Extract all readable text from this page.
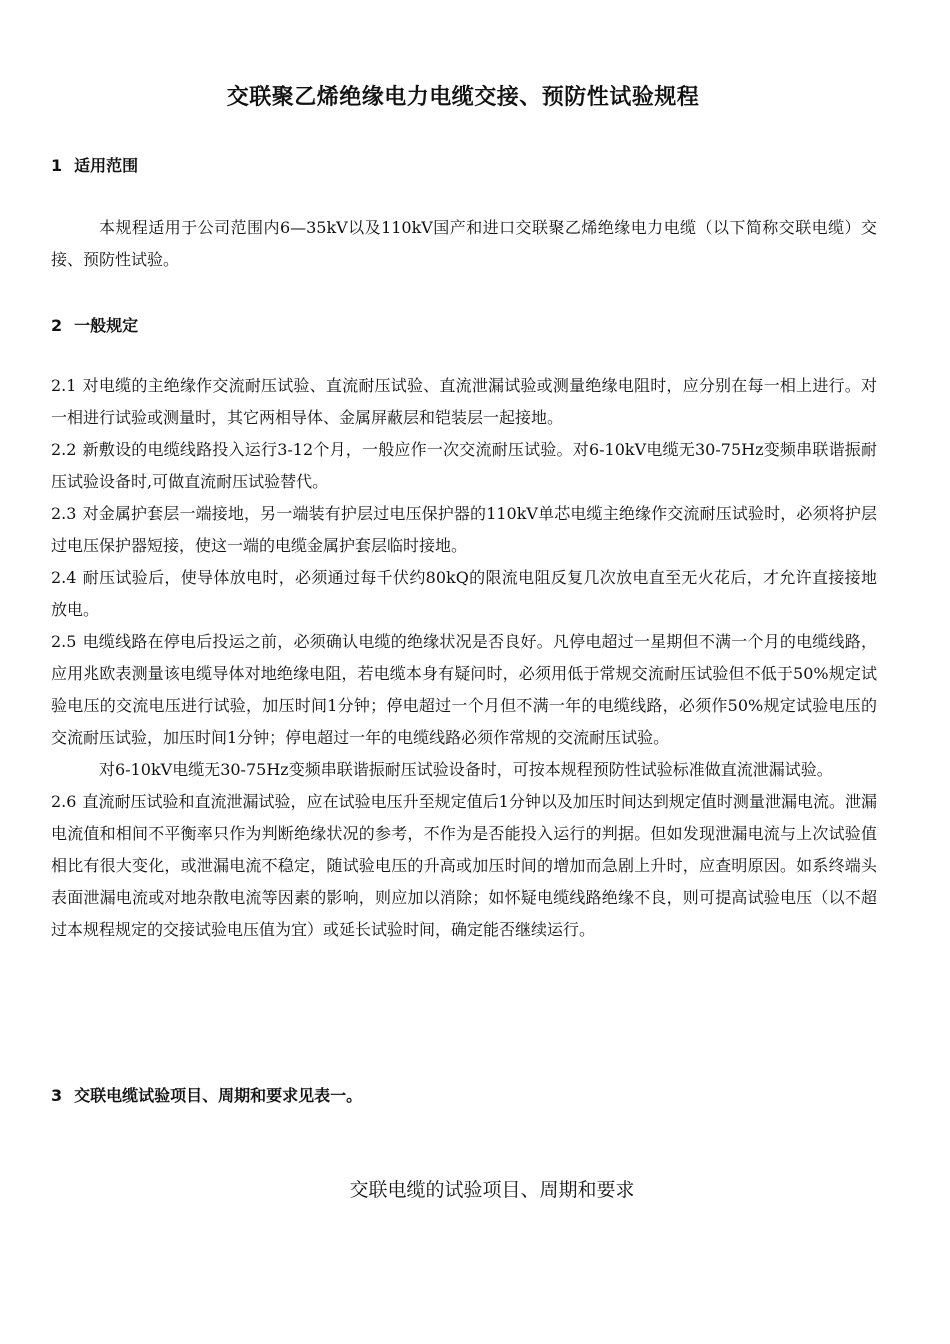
交联聚乙烯绝缘电力电缆交接、预防性试验规程
1 适用范围

本规程适用于公司范围内6—35kV以及110kV国产和进口交联聚乙烯绝缘电力电缆（以下简称交联电缆）交接、预防性试验。

2 一般规定

2.1 对电缆的主绝缘作交流耐压试验、直流耐压试验、直流泄漏试验或测量绝缘电阻时，应分别在每一相上进行。对一相进行试验或测量时，其它两相导体、金属屏蔽层和铠装层一起接地。

2.2 新敷设的电缆线路投入运行3-12个月，一般应作一次交流耐压试验。对6-10kV电缆无30-75Hz变频串联谐振耐压试验设备时,可做直流耐压试验替代。

2.3 对金属护套层一端接地，另一端装有护层过电压保护器的110kV单芯电缆主绝缘作交流耐压试验时，必须将护层过电压保护器短接，使这一端的电缆金属护套层临时接地。

2.4 耐压试验后，使导体放电时，必须通过每千伏约80kQ的限流电阻反复几次放电直至无火花后，才允许直接接地放电。

2.5 电缆线路在停电后投运之前，必须确认电缆的绝缘状况是否良好。凡停电超过一星期但不满一个月的电缆线路，应用兆欧表测量该电缆导体对地绝缘电阻，若电缆本身有疑问时，必须用低于常规交流耐压试验但不低于50%规定试验电压的交流电压进行试验，加压时间1分钟；停电超过一个月但不满一年的电缆线路，必须作50%规定试验电压的交流耐压试验，加压时间1分钟；停电超过一年的电缆线路必须作常规的交流耐压试验。

对6-10kV电缆无30-75Hz变频串联谐振耐压试验设备时，可按本规程预防性试验标准做直流泄漏试验。

2.6 直流耐压试验和直流泄漏试验，应在试验电压升至规定值后1分钟以及加压时间达到规定值时测量泄漏电流。泄漏电流值和相间不平衡率只作为判断绝缘状况的参考，不作为是否能投入运行的判据。但如发现泄漏电流与上次试验值相比有很大变化，或泄漏电流不稳定，随试验电压的升高或加压时间的增加而急剧上升时，应查明原因。如系终端头表面泄漏电流或对地杂散电流等因素的影响，则应加以消除；如怀疑电缆线路绝缘不良，则可提高试验电压（以不超过本规程规定的交接试验电压值为宜）或延长试验时间，确定能否继续运行。

3 交联电缆试验项目、周期和要求见表一。

交联电缆的试验项目、周期和要求
